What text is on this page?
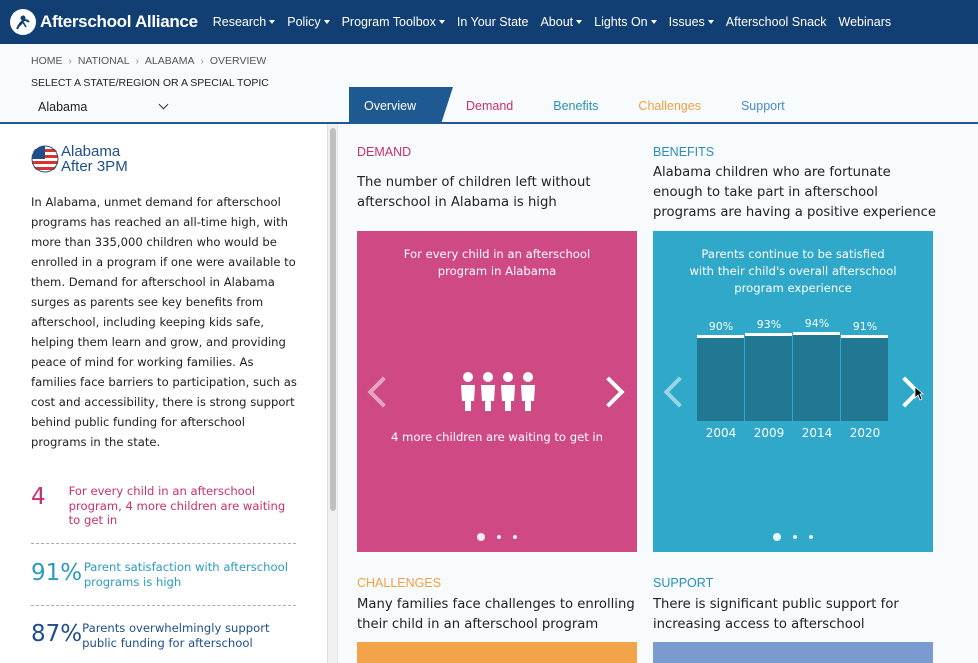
Afterschool Alliance Research Policy Program Toolbox In Your State About Lights On Issues Afterschool Snack Webinars
HOME › NATIONAL › ALABAMA › OVERVIEW
SELECT A STATE/REGION OR A SPECIAL TOPIC
Alabama	Overview	Demand	Benefits	Challenges	Support
Alabama
After 3PM

In Alabama, unmet demand for afterschool programs has reached an all-time high, with more than 335,000 children who would be enrolled in a program if one were available to them. Demand for afterschool in Alabama surges as parents see key benefits from afterschool, including keeping kids safe, helping them learn and grow, and providing peace of mind for working families. As families face barriers to participation, such as cost and accessibility, there is strong support behind public funding for afterschool programs in the state.

4	For every child in an afterschool program, 4 more children are waiting to get in
91% Parent satisfaction with afterschool programs is high
87% Parents overwhelmingly support public funding for afterschool
DEMAND
The number of children left without afterschool in Alabama is high
For every child in an afterschool program in Alabama
4 more children are waiting to get in
BENEFITS
Alabama children who are fortunate enough to take part in afterschool programs are having a positive experience
Parents continue to be satisfied with their child's overall afterschool program experience
90%
2004
93%
2009
94%
2014
91%
2020
CHALLENGES
Many families face challenges to enrolling their child in an afterschool program
SUPPORT
There is significant public support for increasing access to afterschool
